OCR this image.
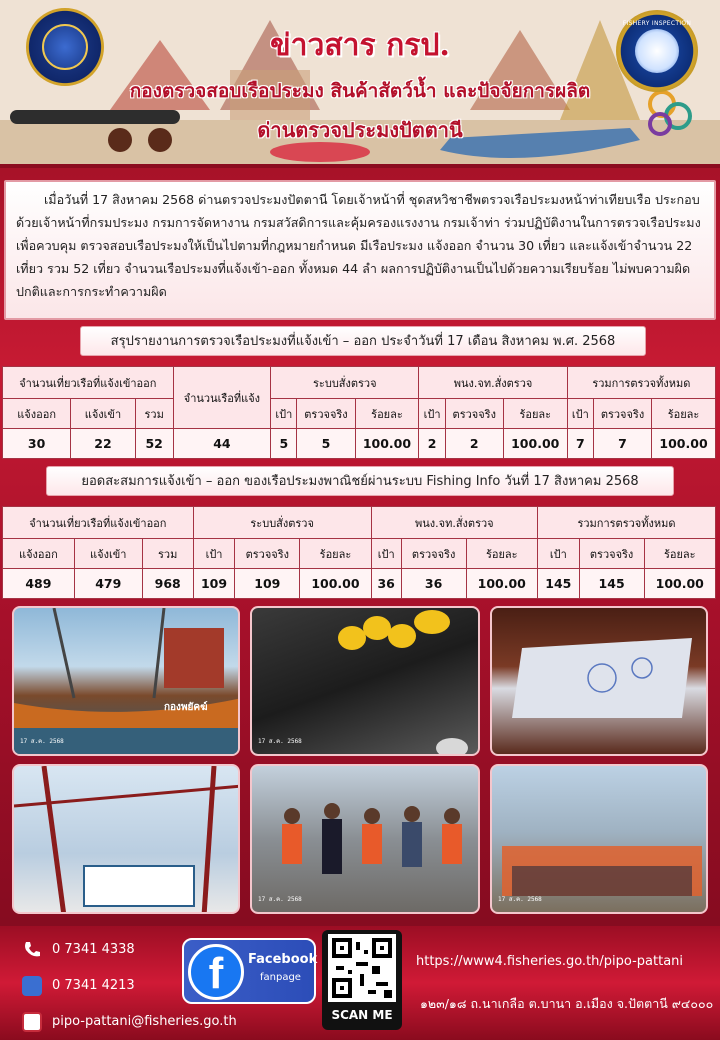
FISHERY INSPECTION
ข่าวสาร กรป.
กองตรวจสอบเรือประมง สินค้าสัตว์น้ำ และปัจจัยการผลิต
ด่านตรวจประมงปัตตานี
เมื่อวันที่ 17 สิงหาคม 2568 ด่านตรวจประมงปัตตานี โดยเจ้าหน้าที่ ชุดสหวิชาชีพตรวจเรือประมงหน้าท่าเทียบเรือ ประกอบด้วยเจ้าหน้าที่กรมประมง กรมการจัดหางาน กรมสวัสดิการและคุ้มครองแรงงาน กรมเจ้าท่า ร่วมปฏิบัติงานในการตรวจเรือประมง เพื่อควบคุม ตรวจสอบเรือประมงให้เป็นไปตามที่กฎหมายกำหนด มีเรือประมง แจ้งออก จำนวน 30 เที่ยว และแจ้งเข้าจำนวน 22 เที่ยว รวม 52 เที่ยว จำนวนเรือประมงที่แจ้งเข้า-ออก ทั้งหมด 44 ลำ ผลการปฏิบัติงานเป็นไปด้วยความเรียบร้อย ไม่พบความผิดปกติและการกระทำความผิด
สรุปรายงานการตรวจเรือประมงที่แจ้งเข้า – ออก ประจำวันที่ 17 เดือน สิงหาคม พ.ศ. 2568
จำนวนเที่ยวเรือที่แจ้งเข้าออก			จำนวนเรือที่แจ้ง	ระบบสั่งตรวจ			พนง.จท.สั่งตรวจ			รวมการตรวจทั้งหมด		
แจ้งออก	แจ้งเข้า	รวม		เป้า	ตรวจจริง	ร้อยละ	เป้า	ตรวจจริง	ร้อยละ	เป้า	ตรวจจริง	ร้อยละ
30	22	52	44	5	5	100.00	2	2	100.00	7	7	100.00
ยอดสะสมการแจ้งเข้า – ออก ของเรือประมงพาณิชย์ผ่านระบบ Fishing Info วันที่ 17 สิงหาคม 2568
จำนวนเที่ยวเรือที่แจ้งเข้าออก			ระบบสั่งตรวจ			พนง.จท.สั่งตรวจ			รวมการตรวจทั้งหมด		
แจ้งออก	แจ้งเข้า	รวม	เป้า	ตรวจจริง	ร้อยละ	เป้า	ตรวจจริง	ร้อยละ	เป้า	ตรวจจริง	ร้อยละ
489	479	968	109	109	100.00	36	36	100.00	145	145	100.00
กองพยัคฆ์
17 ส.ค. 2568	17 ส.ค. 2568
17 ส.ค. 2568	17 ส.ค. 2568
0 7341 4338
0 7341 4213
pipo-pattani@fisheries.go.th
f	Facebook
fanpage
SCAN ME
https://www4.fisheries.go.th/pipo-pattani
๑๒๓/๑๘ ถ.นาเกลือ ต.บานา อ.เมือง จ.ปัตตานี ๙๔๐๐๐
